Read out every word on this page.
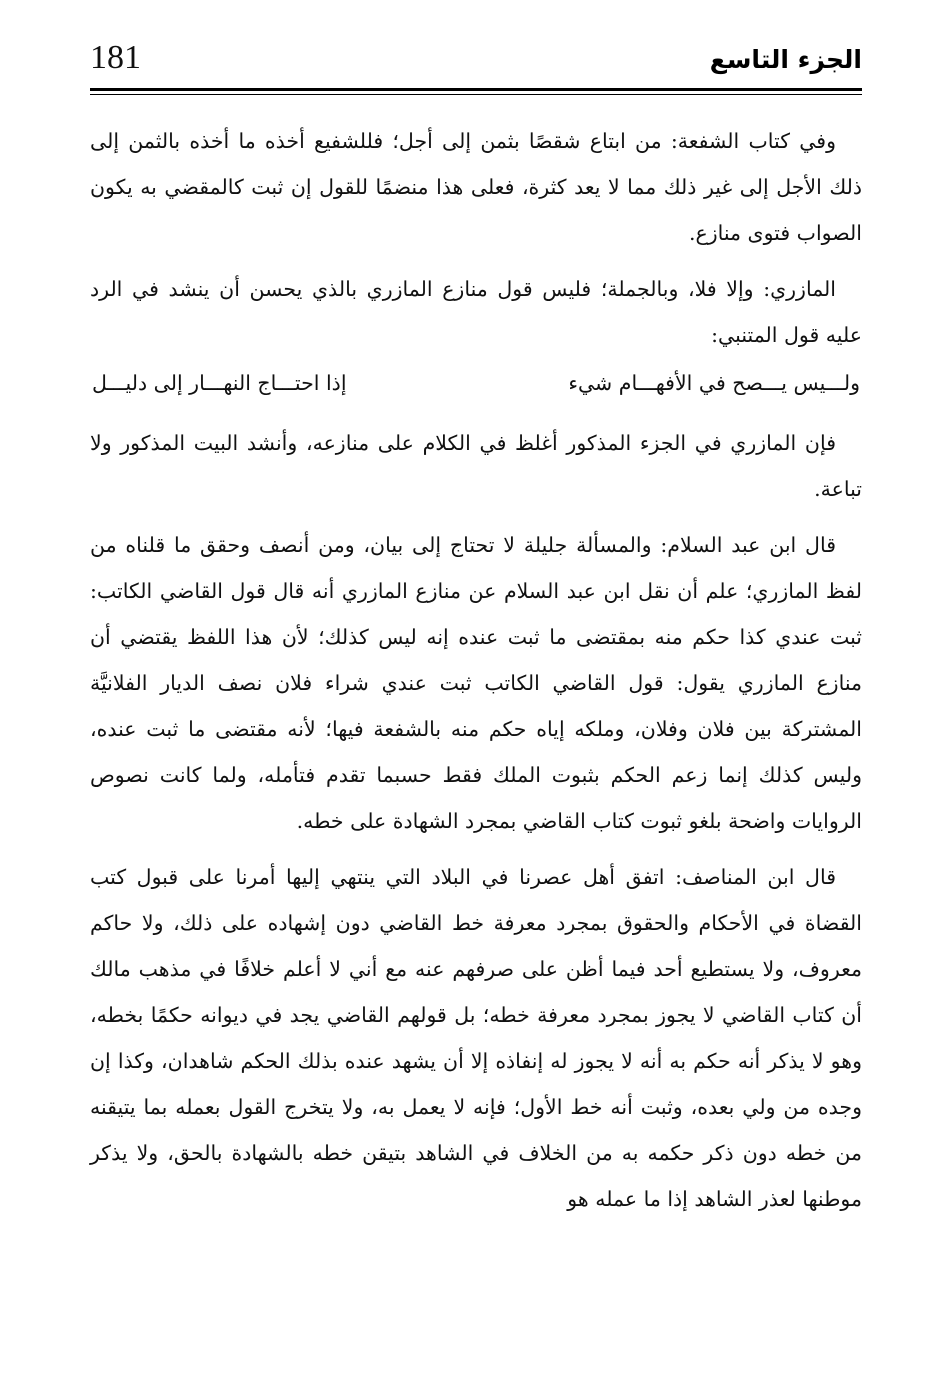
181	الجزء التاسع

وفي كتاب الشفعة: من ابتاع شقصًا بثمن إلى أجل؛ فللشفيع أخذه ما أخذه بالثمن إلى ذلك الأجل إلى غير ذلك مما لا يعد كثرة، فعلى هذا منضمًا للقول إن ثبت كالمقضي به يكون الصواب فتوى منازع.

المازري: وإلا فلا، وبالجملة؛ فليس قول منازع المازري بالذي يحسن أن ينشد في الرد عليه قول المتنبي:

ولـــيس يـــصح في الأفهـــام شيء
إذا احتـــاج النهـــار إلى دليـــل

فإن المازري في الجزء المذكور أغلظ في الكلام على منازعه، وأنشد البيت المذكور ولا تباعة.

قال ابن عبد السلام: والمسألة جليلة لا تحتاج إلى بيان، ومن أنصف وحقق ما قلناه من لفظ المازري؛ علم أن نقل ابن عبد السلام عن منازع المازري أنه قال قول القاضي الكاتب: ثبت عندي كذا حكم منه بمقتضى ما ثبت عنده إنه ليس كذلك؛ لأن هذا اللفظ يقتضي أن منازع المازري يقول: قول القاضي الكاتب ثبت عندي شراء فلان نصف الديار الفلانيَّة المشتركة بين فلان وفلان، وملكه إياه حكم منه بالشفعة فيها؛ لأنه مقتضى ما ثبت عنده، وليس كذلك إنما زعم الحكم بثبوت الملك فقط حسبما تقدم فتأمله، ولما كانت نصوص الروايات واضحة بلغو ثبوت كتاب القاضي بمجرد الشهادة على خطه.

قال ابن المناصف: اتفق أهل عصرنا في البلاد التي ينتهي إليها أمرنا على قبول كتب القضاة في الأحكام والحقوق بمجرد معرفة خط القاضي دون إشهاده على ذلك، ولا حاكم معروف، ولا يستطيع أحد فيما أظن على صرفهم عنه مع أني لا أعلم خلافًا في مذهب مالك أن كتاب القاضي لا يجوز بمجرد معرفة خطه؛ بل قولهم القاضي يجد في ديوانه حكمًا بخطه، وهو لا يذكر أنه حكم به أنه لا يجوز له إنفاذه إلا أن يشهد عنده بذلك الحكم شاهدان، وكذا إن وجده من ولي بعده، وثبت أنه خط الأول؛ فإنه لا يعمل به، ولا يتخرج القول بعمله بما يتيقنه من خطه دون ذكر حكمه به من الخلاف في الشاهد بتيقن خطه بالشهادة بالحق، ولا يذكر موطنها لعذر الشاهد إذا ما عمله هو
